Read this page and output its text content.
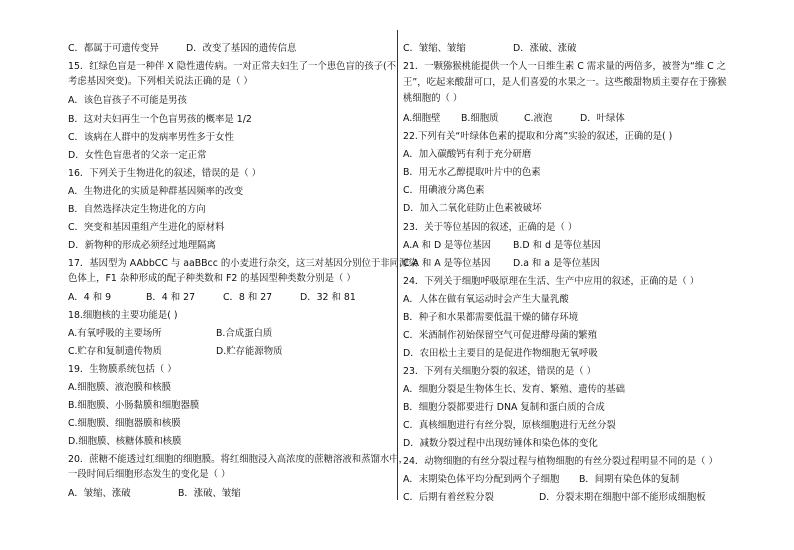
C．都属于可遗传变异	D．改变了基因的遗传信息
15．红绿色盲是一种伴 X 隐性遗传病。一对正常夫妇生了一个患色盲的孩子(不
考虑基因突变)。下列相关说法正确的是（ ）
A．该色盲孩子不可能是男孩
B．这对夫妇再生一个色盲男孩的概率是 1/2
C．该病在人群中的发病率男性多于女性
D．女性色盲患者的父亲一定正常
16．下列关于生物进化的叙述，错误的是（ ）
A．生物进化的实质是种群基因频率的改变
B．自然选择决定生物进化的方向
C．突变和基因重组产生进化的原材料
D．新物种的形成必须经过地理隔离
17．基因型为 AAbbCC 与 aaBBcc 的小麦进行杂交，这三对基因分别位于非同源染
色体上，F1 杂种形成的配子种类数和 F2 的基因型种类数分别是（ ）
A．4 和 9	B．4 和 27	C．8 和 27	D．32 和 81
18.细胞核的主要功能是( )
A.有氧呼吸的主要场所	B.合成蛋白质
C.贮存和复制遗传物质	D.贮存能源物质
19．生物膜系统包括（ ）
A.细胞膜、液泡膜和核膜
B.细胞膜、小肠黏膜和细胞器膜
C.细胞膜、细胞器膜和核膜
D.细胞膜、核糖体膜和核膜
20．蔗糖不能透过红细胞的细胞膜。将红细胞浸入高浓度的蔗糖溶液和蒸馏水中，
一段时间后细胞形态发生的变化是（ ）
A．皱缩、涨破	B．涨破、皱缩
C．皱缩、皱缩	D．涨破、涨破
21．一颗猕猴桃能提供一个人一日维生素 C 需求量的两倍多，被誉为“维 C 之
王”，吃起来酸甜可口，是人们喜爱的水果之一。这些酸甜物质主要存在于猕猴
桃细胞的（ ）
A.细胞壁 B.细胞质	C.液泡	D．叶绿体
22.下列有关“叶绿体色素的提取和分离”实验的叙述，正确的是( )
A．加入碳酸钙有利于充分研磨
B．用无水乙醇提取叶片中的色素
C．用碘液分离色素
D．加入二氧化硅防止色素被破坏
23．关于等位基因的叙述，正确的是（ ）
A.A 和 D 是等位基因 B.D 和 d 是等位基因
C.A 和 A 是等位基因 D.a 和 a 是等位基因
24．下列关于细胞呼吸原理在生活、生产中应用的叙述，正确的是（ ）
A．人体在做有氧运动时会产生大量乳酸
B．种子和水果都需要低温干燥的储存环境
C．米酒制作初始保留空气可促进酵母菌的繁殖
D．农田松土主要目的是促进作物细胞无氧呼吸
23．下列有关细胞分裂的叙述，错误的是（ ）
A．细胞分裂是生物体生长、发育、繁殖、遗传的基础
B．细胞分裂都要进行 DNA 复制和蛋白质的合成
C．真核细胞进行有丝分裂，原核细胞进行无丝分裂
D．减数分裂过程中出现纺锤体和染色体的变化
24．动物细胞的有丝分裂过程与植物细胞的有丝分裂过程明显不同的是（ ）
A．末期染色体平均分配到两个子细胞 B．间期有染色体的复制
C．后期有着丝粒分裂	D．分裂末期在细胞中部不能形成细胞板
